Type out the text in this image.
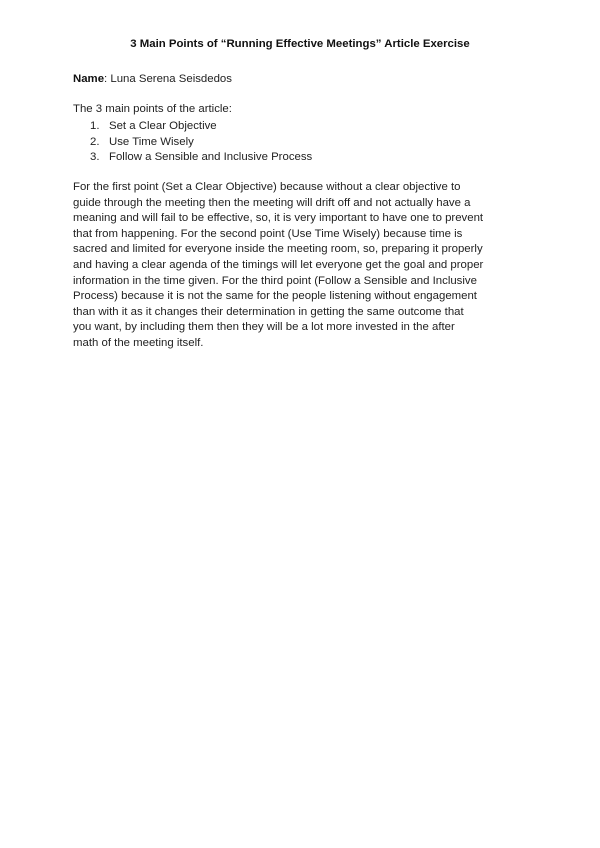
3 Main Points of “Running Effective Meetings” Article Exercise

Name: Luna Serena Seisdedos

The 3 main points of the article:

1. Set a Clear Objective
2. Use Time Wisely
3. Follow a Sensible and Inclusive Process

For the first point (Set a Clear Objective) because without a clear objective to
guide through the meeting then the meeting will drift off and not actually have a
meaning and will fail to be effective, so, it is very important to have one to prevent
that from happening. For the second point (Use Time Wisely) because time is
sacred and limited for everyone inside the meeting room, so, preparing it properly
and having a clear agenda of the timings will let everyone get the goal and proper
information in the time given. For the third point (Follow a Sensible and Inclusive
Process) because it is not the same for the people listening without engagement
than with it as it changes their determination in getting the same outcome that
you want, by including them then they will be a lot more invested in the after
math of the meeting itself.
